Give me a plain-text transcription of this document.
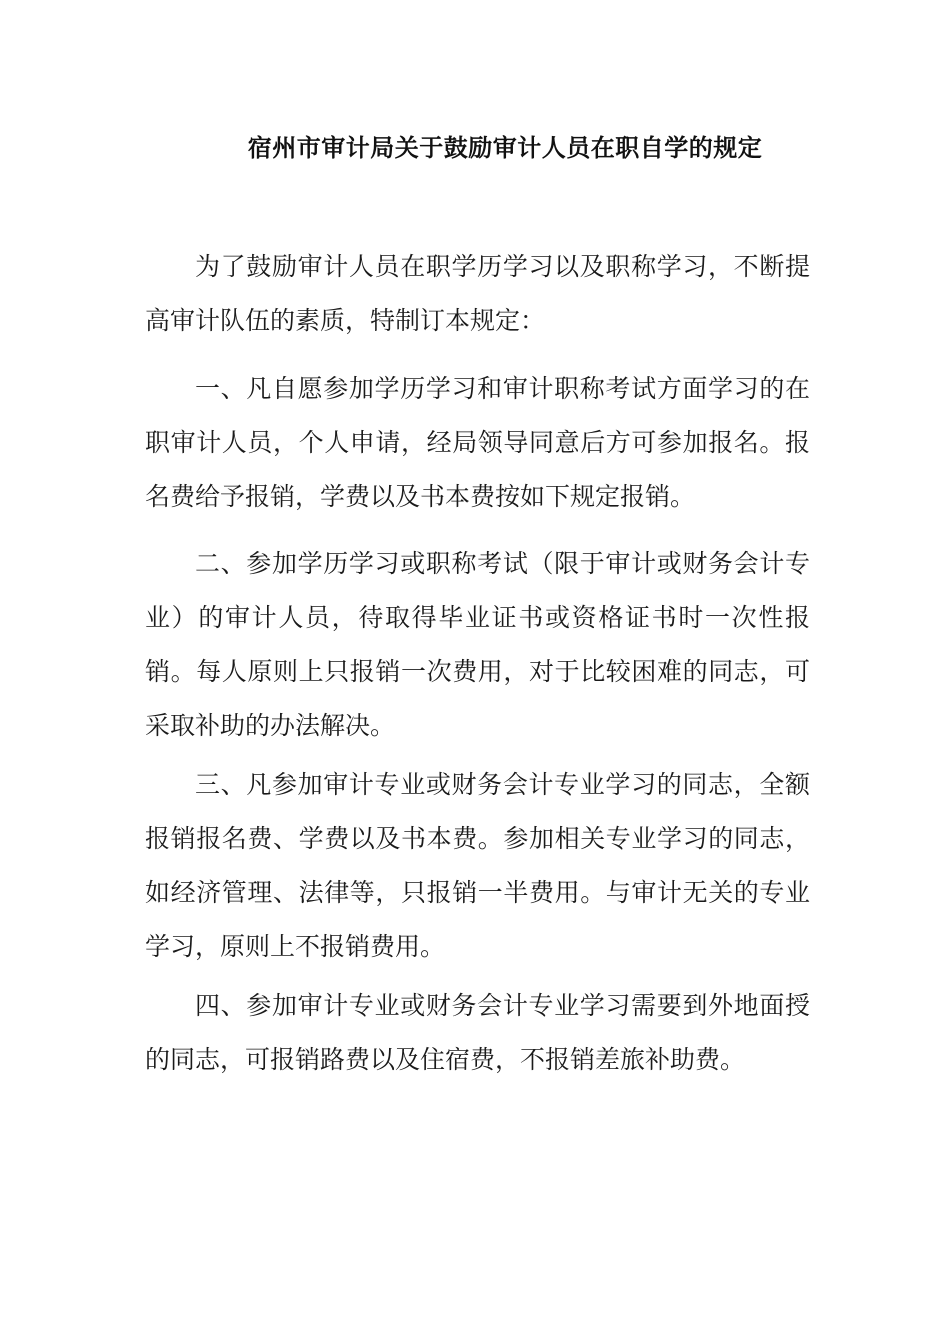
宿州市审计局关于鼓励审计人员在职自学的规定

为了鼓励审计人员在职学历学习以及职称学习，不断提高审计队伍的素质，特制订本规定：

一、凡自愿参加学历学习和审计职称考试方面学习的在职审计人员，个人申请，经局领导同意后方可参加报名。报名费给予报销，学费以及书本费按如下规定报销。

二、参加学历学习或职称考试（限于审计或财务会计专业）的审计人员，待取得毕业证书或资格证书时一次性报销。每人原则上只报销一次费用，对于比较困难的同志，可采取补助的办法解决。

三、凡参加审计专业或财务会计专业学习的同志，全额报销报名费、学费以及书本费。参加相关专业学习的同志，如经济管理、法律等，只报销一半费用。与审计无关的专业学习，原则上不报销费用。

四、参加审计专业或财务会计专业学习需要到外地面授的同志，可报销路费以及住宿费，不报销差旅补助费。
